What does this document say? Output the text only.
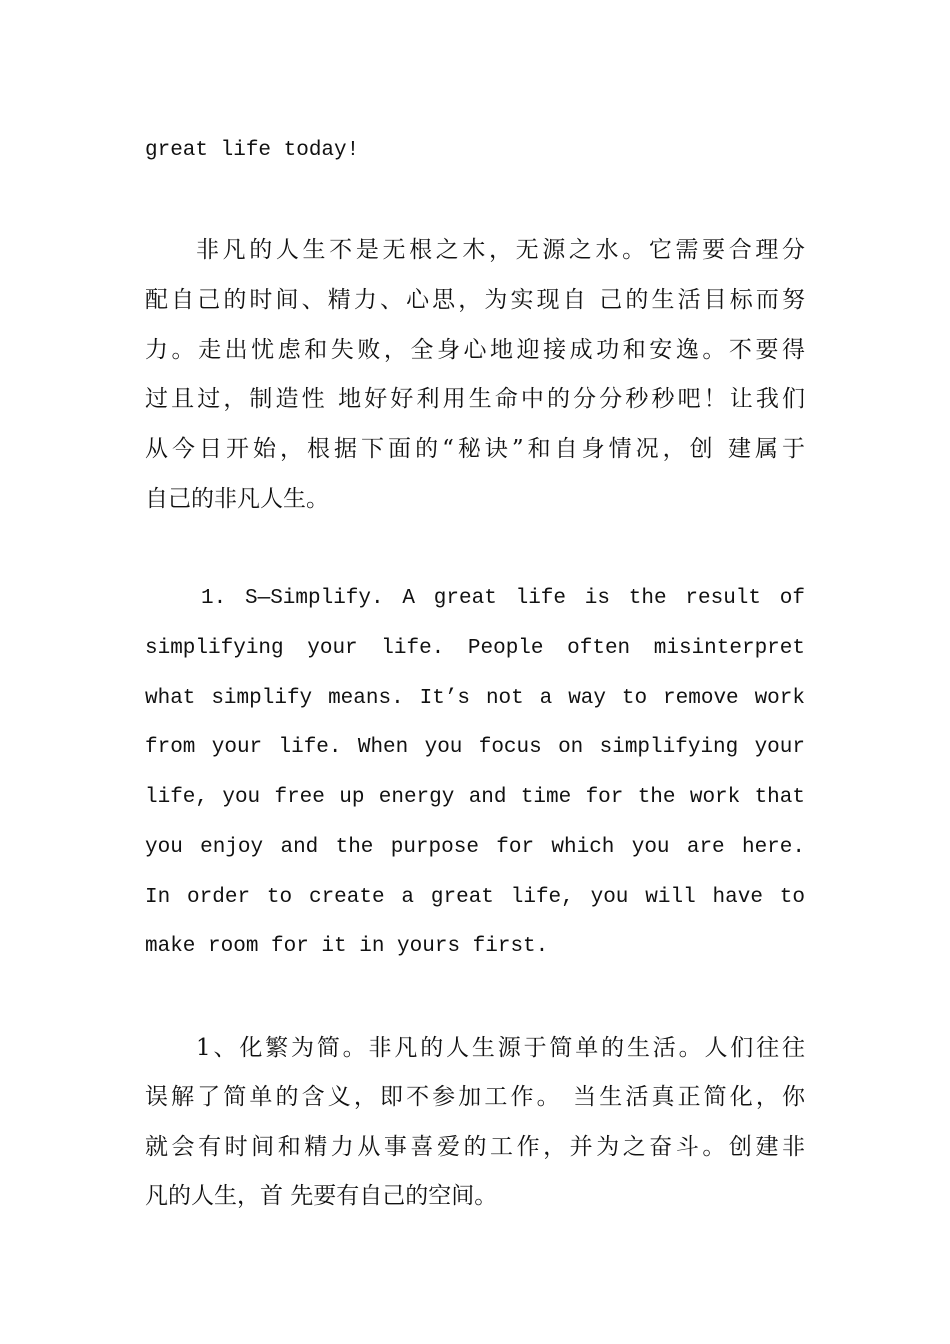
great life today!
非凡的人生不是无根之木，无源之水。它需要合理分
配自己的时间、精力、心思，为实现自 己的生活目标而努
力。走出忧虑和失败，全身心地迎接成功和安逸。不要得
过且过，制造性 地好好利用生命中的分分秒秒吧！让我们
从今日开始，根据下面的“秘诀”和自身情况，创 建属于
自己的非凡人生。
1. S—Simplify. A great life is the result of
simplifying your life. People often misinterpret
what simplify means. It’s not a way to remove work
from your life. When you focus on simplifying your
life, you free up energy and time for the work that
you enjoy and the purpose for which you are here.
In order to create a great life, you will have to
make room for it in yours first.
1、化繁为简。非凡的人生源于简单的生活。人们往往
误解了简单的含义，即不参加工作。 当生活真正简化，你
就会有时间和精力从事喜爱的工作，并为之奋斗。创建非
凡的人生，首 先要有自己的空间。
